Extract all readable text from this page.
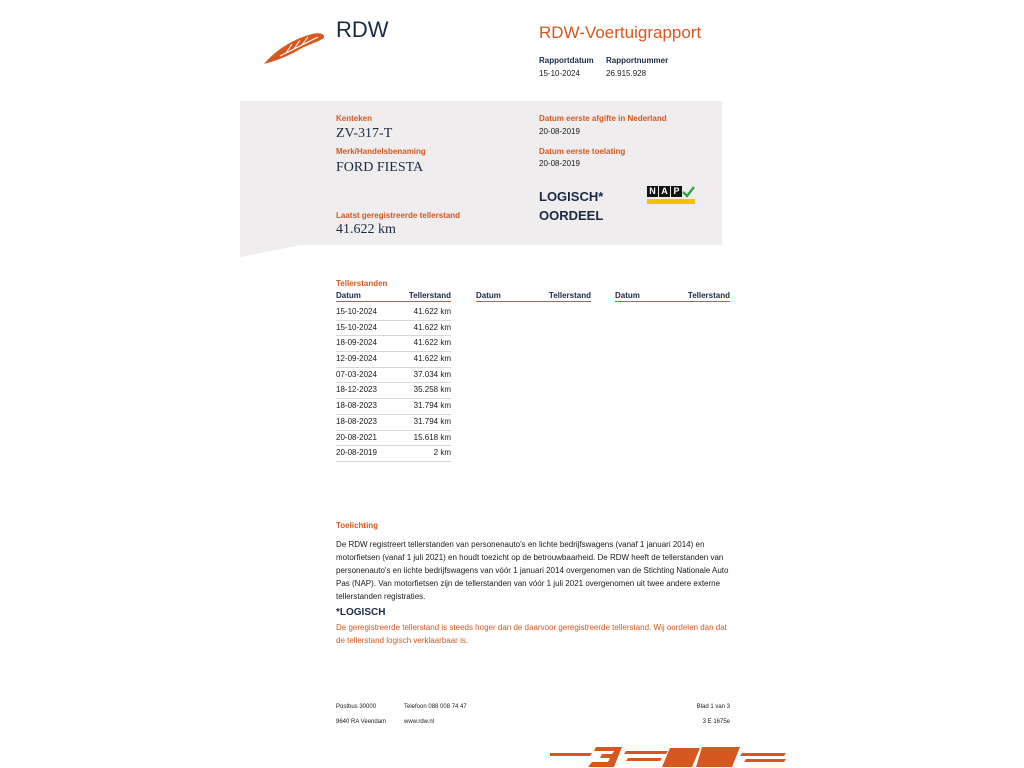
RDW	RDW-Voertuigrapport
Rapportdatum
15-10-2024
Rapportnummer
26.915.928
Kenteken
ZV-317-T
Merk/Handelsbenaming
FORD FIESTA
Laatst geregistreerde tellerstand
41.622 km
Datum eerste afgifte in Nederland
20-08-2019
Datum eerste toelating
20-08-2019
LOGISCH*
OORDEEL
N A P
Tellerstanden
Datum	Tellerstand
15-10-2024	41.622 km
15-10-2024	41.622 km
18-09-2024	41.622 km
12-09-2024	41.622 km
07-03-2024	37.034 km
18-12-2023	35.258 km
18-08-2023	31.794 km
18-08-2023	31.794 km
20-08-2021	15.618 km
20-08-2019	2 km
Datum	Tellerstand	Datum	Tellerstand
Toelichting
De RDW registreert tellerstanden van personenauto's en lichte bedrijfswagens (vanaf 1 januari 2014) en motorfietsen (vanaf 1 juli 2021) en houdt toezicht op de betrouwbaarheid. De RDW heeft de tellerstanden van personenauto's en lichte bedrijfswagens van vóór 1 januari 2014 overgenomen van de Stichting Nationale Auto Pas (NAP). Van motorfietsen zijn de tellerstanden van vóór 1 juli 2021 overgenomen uit twee andere externe tellerstanden registraties.
*LOGISCH
De geregistreerde tellerstand is steeds hoger dan de daarvoor geregistreerde tellerstand. Wij oordelen dan dat de tellerstand logisch verklaarbaar is.
Postbus 30000
9640 RA Veendam
Telefoon 088 008 74 47
www.rdw.nl
Blad 1 van 3
3 E 1675e
